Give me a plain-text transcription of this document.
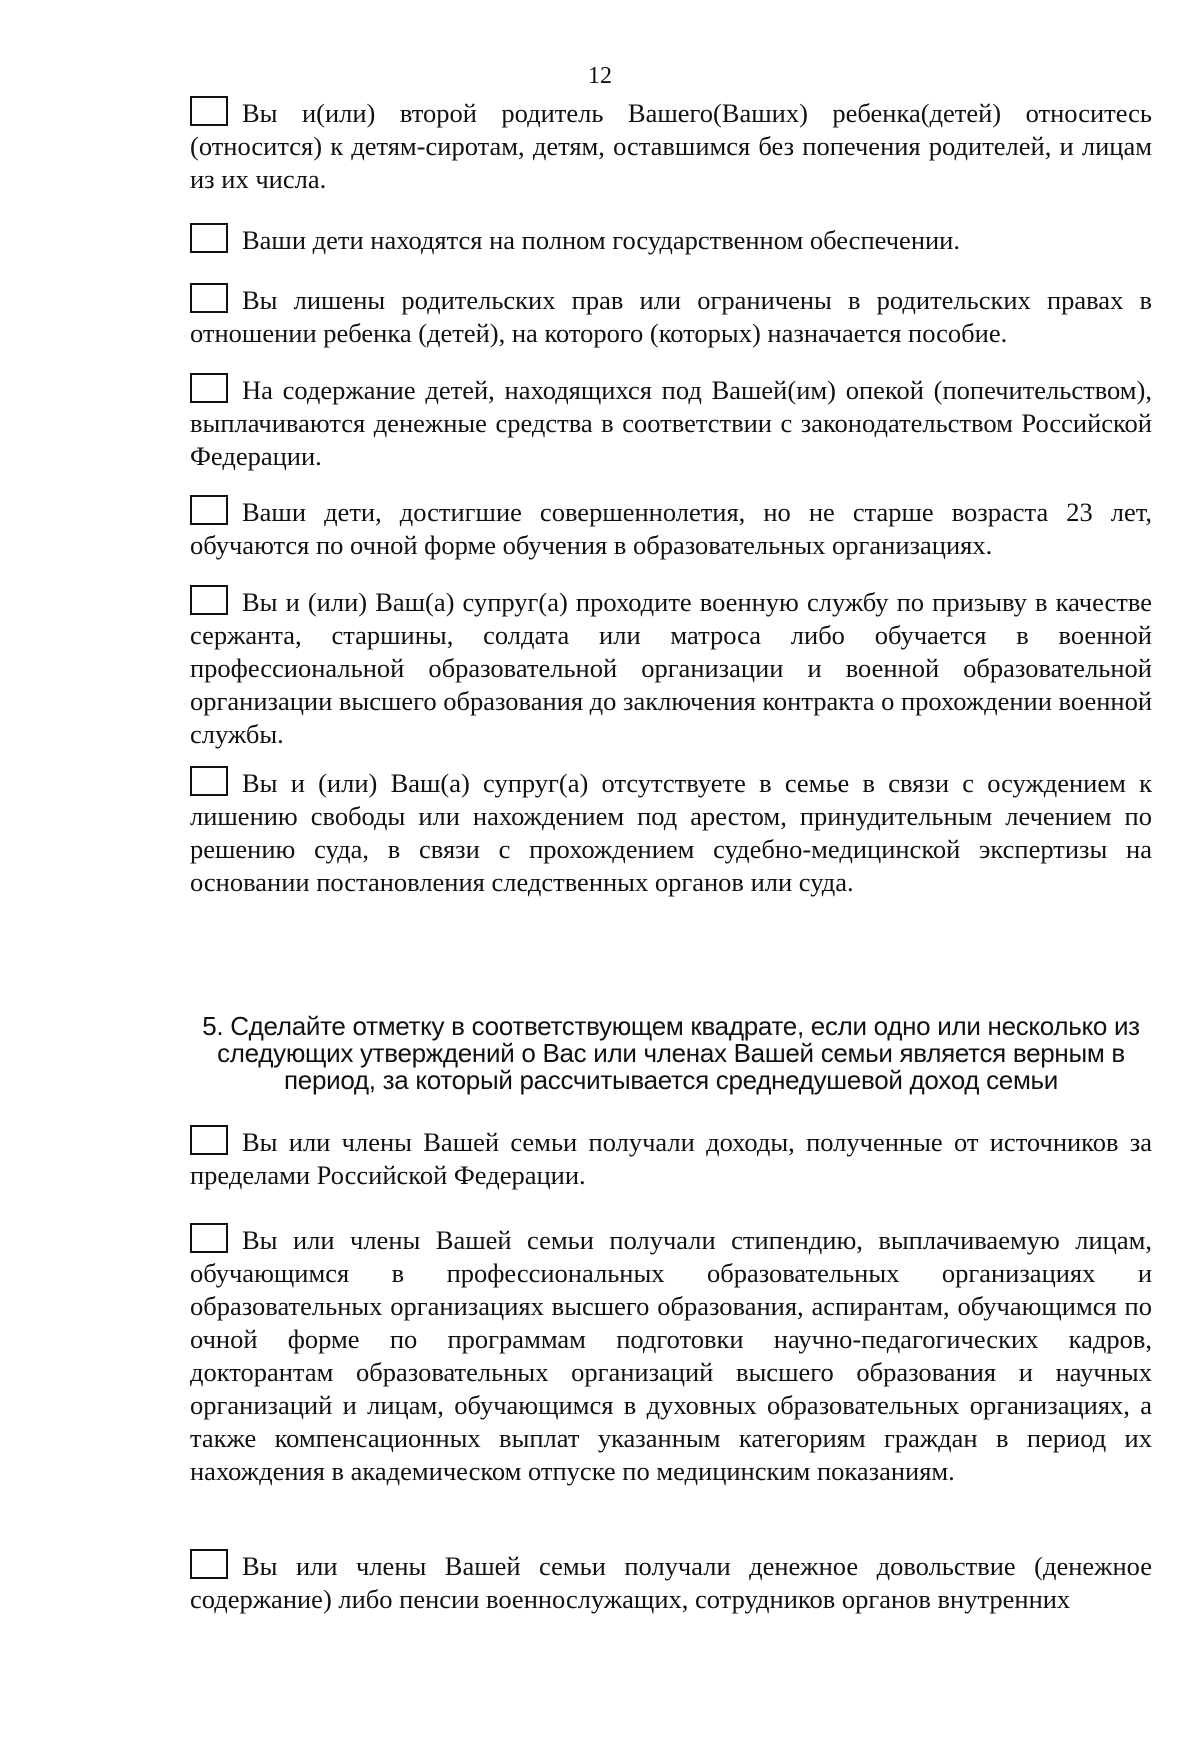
12
Вы и(или) второй родитель Вашего(Ваших) ребенка(детей) относитесь (относится) к детям-сиротам, детям, оставшимся без попечения родителей, и лицам из их числа.
Ваши дети находятся на полном государственном обеспечении.
Вы лишены родительских прав или ограничены в родительских правах в отношении ребенка (детей), на которого (которых) назначается пособие.
На содержание детей, находящихся под Вашей(им) опекой (попечительством), выплачиваются денежные средства в соответствии с законодательством Российской Федерации.
Ваши дети, достигшие совершеннолетия, но не старше возраста 23 лет, обучаются по очной форме обучения в образовательных организациях.
Вы и (или) Ваш(а) супруг(а) проходите военную службу по призыву в качестве сержанта, старшины, солдата или матроса либо обучается в военной профессиональной образовательной организации и военной образовательной организации высшего образования до заключения контракта о прохождении военной службы.
Вы и (или) Ваш(а) супруг(а) отсутствуете в семье в связи с осуждением к лишению свободы или нахождением под арестом, принудительным лечением по решению суда, в связи с прохождением судебно-медицинской экспертизы на основании постановления следственных органов или суда.
5. Сделайте отметку в соответствующем квадрате, если одно или несколько из следующих утверждений о Вас или членах Вашей семьи является верным в период, за который рассчитывается среднедушевой доход семьи
Вы или члены Вашей семьи получали доходы, полученные от источников за пределами Российской Федерации.
Вы или члены Вашей семьи получали стипендию, выплачиваемую лицам, обучающимся в профессиональных образовательных организациях и образовательных организациях высшего образования, аспирантам, обучающимся по очной форме по программам подготовки научно-педагогических кадров, докторантам образовательных организаций высшего образования и научных организаций и лицам, обучающимся в духовных образовательных организациях, а также компенсационных выплат указанным категориям граждан в период их нахождения в академическом отпуске по медицинским показаниям.
Вы или члены Вашей семьи получали денежное довольствие (денежное содержание) либо пенсии военнослужащих, сотрудников органов внутренних
